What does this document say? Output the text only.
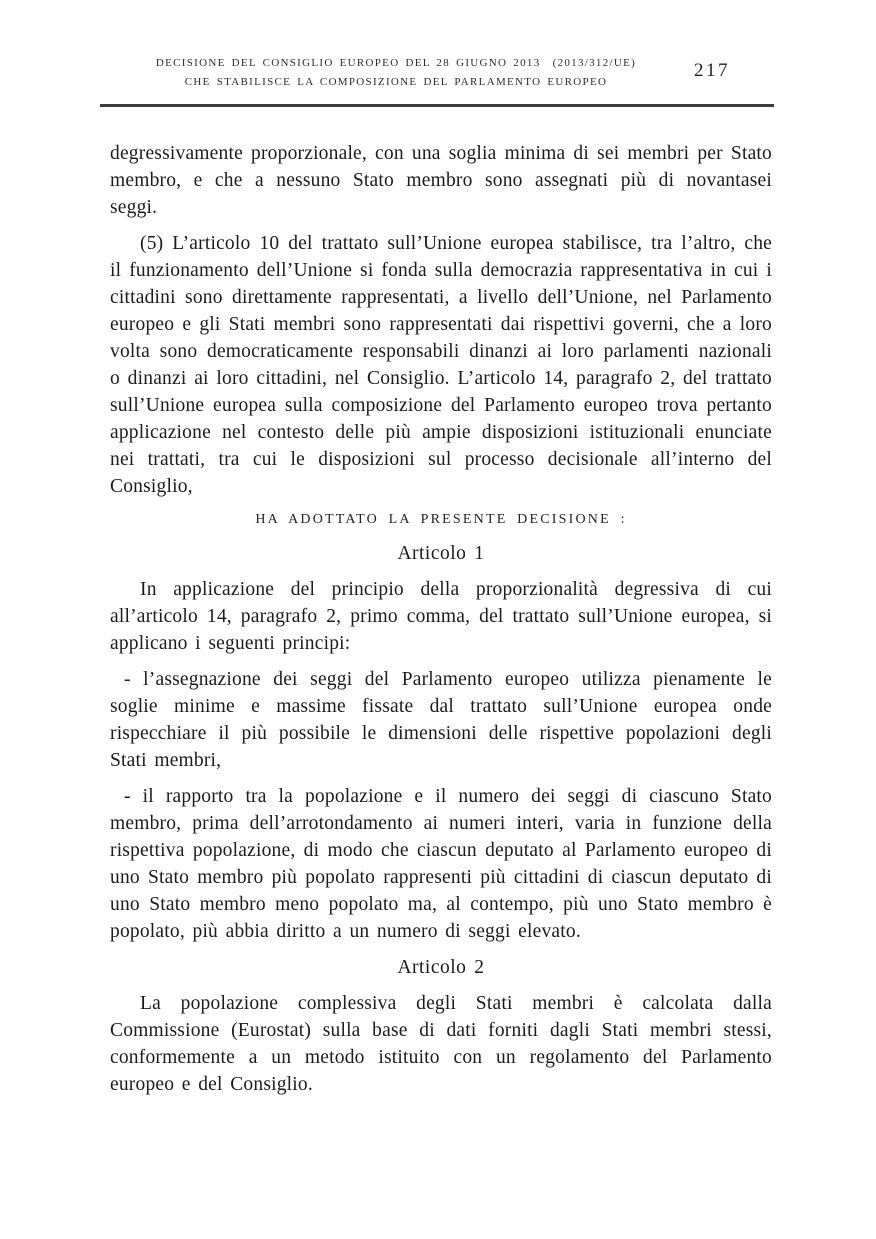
DECISIONE DEL CONSIGLIO EUROPEO DEL 28 GIUGNO 2013  (2013/312/UE)
CHE STABILISCE LA COMPOSIZIONE DEL PARLAMENTO EUROPEO
217

degressivamente proporzionale, con una soglia minima di sei membri per Stato membro, e che a nessuno Stato membro sono assegnati più di novantasei seggi.

(5) L’articolo 10 del trattato sull’Unione europea stabilisce, tra l’altro, che il funzionamento dell’Unione si fonda sulla democrazia rappresentativa in cui i cittadini sono direttamente rappresentati, a livello dell’Unione, nel Parlamento europeo e gli Stati membri sono rappresentati dai rispettivi governi, che a loro volta sono democraticamente responsabili dinanzi ai loro parlamenti nazionali o dinanzi ai loro cittadini, nel Consiglio. L’articolo 14, paragrafo 2, del trattato sull’Unione europea sulla composizione del Parlamento europeo trova pertanto applicazione nel contesto delle più ampie disposizioni istituzionali enunciate nei trattati, tra cui le disposizioni sul processo decisionale all’interno del Consiglio,

HA ADOTTATO LA PRESENTE DECISIONE :

Articolo 1

In applicazione del principio della proporzionalità degressiva di cui all’articolo 14, paragrafo 2, primo comma, del trattato sull’Unione europea, si applicano i seguenti principi:

- l’assegnazione dei seggi del Parlamento europeo utilizza pienamente le soglie minime e massime fissate dal trattato sull’Unione europea onde rispecchiare il più possibile le dimensioni delle rispettive popolazioni degli Stati membri,

- il rapporto tra la popolazione e il numero dei seggi di ciascuno Stato membro, prima dell’arrotondamento ai numeri interi, varia in funzione della rispettiva popolazione, di modo che ciascun deputato al Parlamento europeo di uno Stato membro più popolato rappresenti più cittadini di ciascun deputato di uno Stato membro meno popolato ma, al contempo, più uno Stato membro è popolato, più abbia diritto a un numero di seggi elevato.

Articolo 2

La popolazione complessiva degli Stati membri è calcolata dalla Commissione (Eurostat) sulla base di dati forniti dagli Stati membri stessi, conformemente a un metodo istituito con un regolamento del Parlamento europeo e del Consiglio.
